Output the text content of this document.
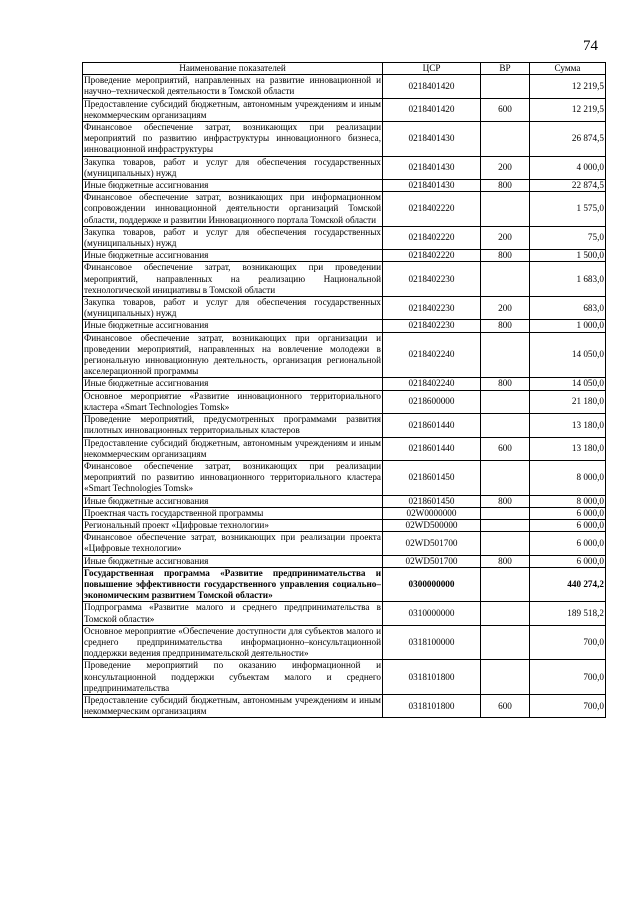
74
Наименование показателей	ЦСР	ВР	Сумма
Проведение мероприятий, направленных на развитие инновационной и научно–технической деятельности в Томской области	0218401420		12 219,5
Предоставление субсидий бюджетным, автономным учреждениям и иным некоммерческим организациям	0218401420	600	12 219,5
Финансовое обеспечение затрат, возникающих при реализации мероприятий по развитию инфраструктуры инновационного бизнеса, инновационной инфраструктуры	0218401430		26 874,5
Закупка товаров, работ и услуг для обеспечения государственных (муниципальных) нужд	0218401430	200	4 000,0
Иные бюджетные ассигнования	0218401430	800	22 874,5
Финансовое обеспечение затрат, возникающих при информационном сопровождении инновационной деятельности организаций Томской области, поддержке и развитии Инновационного портала Томской области	0218402220		1 575,0
Закупка товаров, работ и услуг для обеспечения государственных (муниципальных) нужд	0218402220	200	75,0
Иные бюджетные ассигнования	0218402220	800	1 500,0
Финансовое обеспечение затрат, возникающих при проведении мероприятий, направленных на реализацию Национальной технологической инициативы в Томской области	0218402230		1 683,0
Закупка товаров, работ и услуг для обеспечения государственных (муниципальных) нужд	0218402230	200	683,0
Иные бюджетные ассигнования	0218402230	800	1 000,0
Финансовое обеспечение затрат, возникающих при организации и проведении мероприятий, направленных на вовлечение молодежи в региональную инновационную деятельность, организация региональной акселерационной программы	0218402240		14 050,0
Иные бюджетные ассигнования	0218402240	800	14 050,0
Основное мероприятие «Развитие инновационного территориального кластера «Smart Technologies Tomsk»	0218600000		21 180,0
Проведение мероприятий, предусмотренных программами развития пилотных инновационных территориальных кластеров	0218601440		13 180,0
Предоставление субсидий бюджетным, автономным учреждениям и иным некоммерческим организациям	0218601440	600	13 180,0
Финансовое обеспечение затрат, возникающих при реализации мероприятий по развитию инновационного территориального кластера «Smart Technologies Tomsk»	0218601450		8 000,0
Иные бюджетные ассигнования	0218601450	800	8 000,0
Проектная часть государственной программы	02W0000000		6 000,0
Региональный проект «Цифровые технологии»	02WD500000		6 000,0
Финансовое обеспечение затрат, возникающих при реализации проекта «Цифровые технологии»	02WD501700		6 000,0
Иные бюджетные ассигнования	02WD501700	800	6 000,0
Государственная программа «Развитие предпринимательства и повышение эффективности государственного управления социально–экономическим развитием Томской области»	0300000000		440 274,2
Подпрограмма «Развитие малого и среднего предпринимательства в Томской области»	0310000000		189 518,2
Основное мероприятие «Обеспечение доступности для субъектов малого и среднего предпринимательства информационно–консультационной поддержки ведения предпринимательской деятельности»	0318100000		700,0
Проведение мероприятий по оказанию информационной и консультационной поддержки субъектам малого и среднего предпринимательства	0318101800		700,0
Предоставление субсидий бюджетным, автономным учреждениям и иным некоммерческим организациям	0318101800	600	700,0
